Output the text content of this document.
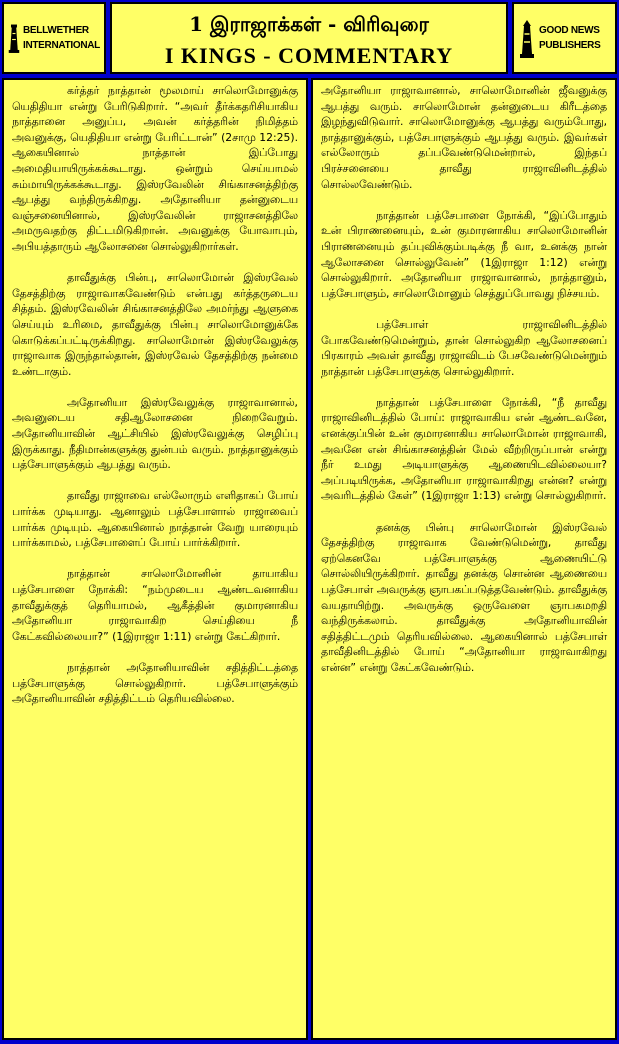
BELLWETHER
INTERNATIONAL
1 இராஜாக்கள் - விரிவுரை
I KINGS - COMMENTARY
GOOD NEWS
PUBLISHERS

கர்த்தர் நாத்தான் மூலமாய் சாலொமோனுக்கு யெதிதியா என்று பேரிடுகிறார். “அவர் தீர்க்கதரிசியாகிய நாத்தானை அனுப்ப, அவன் கர்த்தரின் நிமித்தம் அவனுக்கு, யெதிதியா என்று பேரிட்டான்” (2சாமு 12:25). ஆகையினால் நாத்தான் இப்போது அமைதியாயிருக்கக்கூடாது. ஒன்றும் செய்யாமல் சும்மாயிருக்கக்கூடாது. இஸ்ரவேலின் சிங்காசனத்திற்கு ஆபத்து வந்திருக்கிறது. அதோனியா தன்னுடைய வஞ்சனையினால், இஸ்ரவேலின் ராஜாசனத்திலே அமருவதற்கு திட்டமிடுகிறான். அவனுக்கு யோவாபும், அபியத்தாரும் ஆலோசனை சொல்லுகிறார்கள்.

தாவீதுக்கு பின்பு, சாலொமோன் இஸ்ரவேல் தேசத்திற்கு ராஜாவாகவேண்டும் என்பது கர்த்தருடைய சித்தம். இஸ்ரவேலின் சிங்காசனத்திலே அமர்ந்து ஆளுகை செய்யும் உரிமை, தாவீதுக்கு பின்பு சாலொமோனுக்கே கொடுக்கப்பட்டிருக்கிறது. சாலொமோன் இஸ்ரவேலுக்கு ராஜாவாக இருந்தால்தான், இஸ்ரவேல் தேசத்திற்கு நன்மை உண்டாகும்.

அதோனியா இஸ்ரவேலுக்கு ராஜாவானால், அவனுடைய சதிஆலோசனை நிறைவேறும். அதோனியாவின் ஆட்சியில் இஸ்ரவேலுக்கு செழிப்பு இருக்காது. நீதிமான்களுக்கு துன்பம் வரும். நாத்தானுக்கும் பத்சேபாளுக்கும் ஆபத்து வரும்.

தாவீது ராஜாவை எல்லோரும் எளிதாகப் போய் பார்க்க முடியாது. ஆனாலும் பத்சேபாளால் ராஜாவைப் பார்க்க முடியும். ஆகையினால் நாத்தான் வேறு யாரையும் பார்க்காமல், பத்சேபாளைப் போய் பார்க்கிறார்.

நாத்தான் சாலொமோனின் தாயாகிய பத்சேபாளை நோக்கி: “நம்முடைய ஆண்டவனாகிய தாவீதுக்குத் தெரியாமல், ஆகீத்தின் குமாரனாகிய அதோனியா ராஜாவாகிற செய்தியை நீ கேட்கவில்லையா?” (1இராஜா 1:11) என்று கேட்கிறார்.

நாத்தான் அதோனியாவின் சதித்திட்டத்தை பத்சேபாளுக்கு சொல்லுகிறார். பத்சேபாளுக்கும் அதோனியாவின் சதித்திட்டம் தெரியவில்லை.

அதோனியா ராஜாவானால், சாலொமோனின் ஜீவனுக்கு ஆபத்து வரும். சாலொமோன் தன்னுடைய கிரீடத்தை இழந்துவிடுவார். சாலொமோனுக்கு ஆபத்து வரும்போது, நாத்தானுக்கும், பத்சேபாளுக்கும் ஆபத்து வரும். இவர்கள் எல்லோரும் தப்பவேண்டுமென்றால், இந்தப் பிரச்சனையை தாவீது ராஜாவினிடத்தில் சொல்லவேண்டும்.

நாத்தான் பத்சேபாளை நோக்கி, “இப்போதும் உன் பிராணனையும், உன் குமாரனாகிய சாலொமோனின் பிராணனையும் தப்புவிக்கும்படிக்கு நீ வா, உனக்கு நான் ஆலோசனை சொல்லுவேன்” (1இராஜா 1:12) என்று சொல்லுகிறார். அதோனியா ராஜாவானால், நாத்தானும், பத்சேபாளும், சாலொமோனும் செத்துப்போவது நிச்சயம்.

பத்சேபாள் ராஜாவினிடத்தில் போகவேண்டுமென்றும், தான் சொல்லுகிற ஆலோசனைப் பிரகாரம் அவள் தாவீது ராஜாவிடம் பேசவேண்டுமென்றும் நாத்தான் பத்சேபாளுக்கு சொல்லுகிறார்.

நாத்தான் பத்சேபாளை நோக்கி, “நீ தாவீது ராஜாவினிடத்தில் போய்: ராஜாவாகிய என் ஆண்டவனே, எனக்குப்பின் உன் குமாரனாகிய சாலொமோன் ராஜாவாகி, அவனே என் சிங்காசனத்தின் மேல் வீற்றிருப்பான் என்று நீர் உமது அடியாளுக்கு ஆணையிடவில்லையா? அப்படியிருக்க, அதோனியா ராஜாவாகிறது என்ன? என்று அவரிடத்தில் கேள்” (1இராஜா 1:13) என்று சொல்லுகிறார்.

தனக்கு பின்பு சாலொமோன் இஸ்ரவேல் தேசத்திற்கு ராஜாவாக வேண்டுமென்று, தாவீது ஏற்கெனவே பத்சேபாளுக்கு ஆணையிட்டு சொல்லியிருக்கிறார். தாவீது தனக்கு சொன்ன ஆணையை பத்சேபாள் அவருக்கு ஞாபகப்படுத்தவேண்டும். தாவீதுக்கு வயதாயிற்று. அவருக்கு ஒருவேளை ஞாபகமறதி வந்திருக்கலாம். தாவீதுக்கு அதோனியாவின் சதித்திட்டமும் தெரியவில்லை. ஆகையினால் பத்சேபாள் தாவீதினிடத்தில் போய் “அதோனியா ராஜாவாகிறது என்ன” என்று கேட்கவேண்டும்.
